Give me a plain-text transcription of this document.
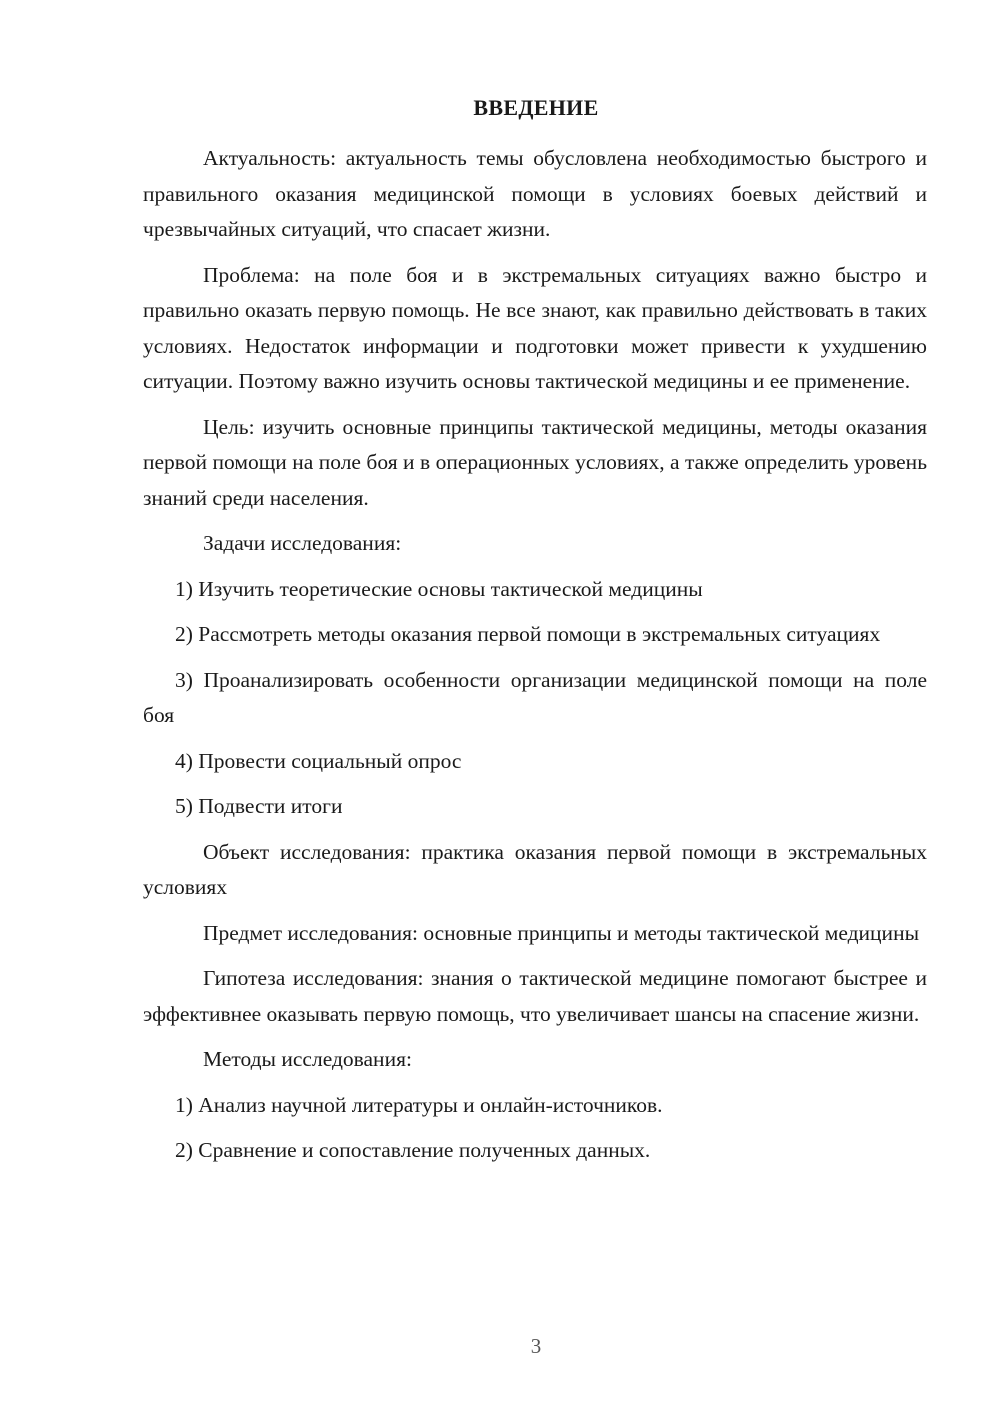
ВВЕДЕНИЕ

Актуальность: актуальность темы обусловлена необходимостью быстрого и правильного оказания медицинской помощи в условиях боевых действий и чрезвычайных ситуаций, что спасает жизни.

Проблема: на поле боя и в экстремальных ситуациях важно быстро и правильно оказать первую помощь. Не все знают, как правильно действовать в таких условиях. Недостаток информации и подготовки может привести к ухудшению ситуации. Поэтому важно изучить основы тактической медицины и ее применение.

Цель: изучить основные принципы тактической медицины, методы оказания первой помощи на поле боя и в операционных условиях, а также определить уровень знаний среди населения.

Задачи исследования:

1) Изучить теоретические основы тактической медицины

2) Рассмотреть методы оказания первой помощи в экстремальных ситуациях

3) Проанализировать особенности организации медицинской помощи на поле боя

4) Провести социальный опрос

5) Подвести итоги

Объект исследования: практика оказания первой помощи в экстремальных условиях

Предмет исследования: основные принципы и методы тактической медицины

Гипотеза исследования: знания о тактической медицине помогают быстрее и эффективнее оказывать первую помощь, что увеличивает шансы на спасение жизни.

Методы исследования:

1) Анализ научной литературы и онлайн-источников.

2) Сравнение и сопоставление полученных данных.

3
